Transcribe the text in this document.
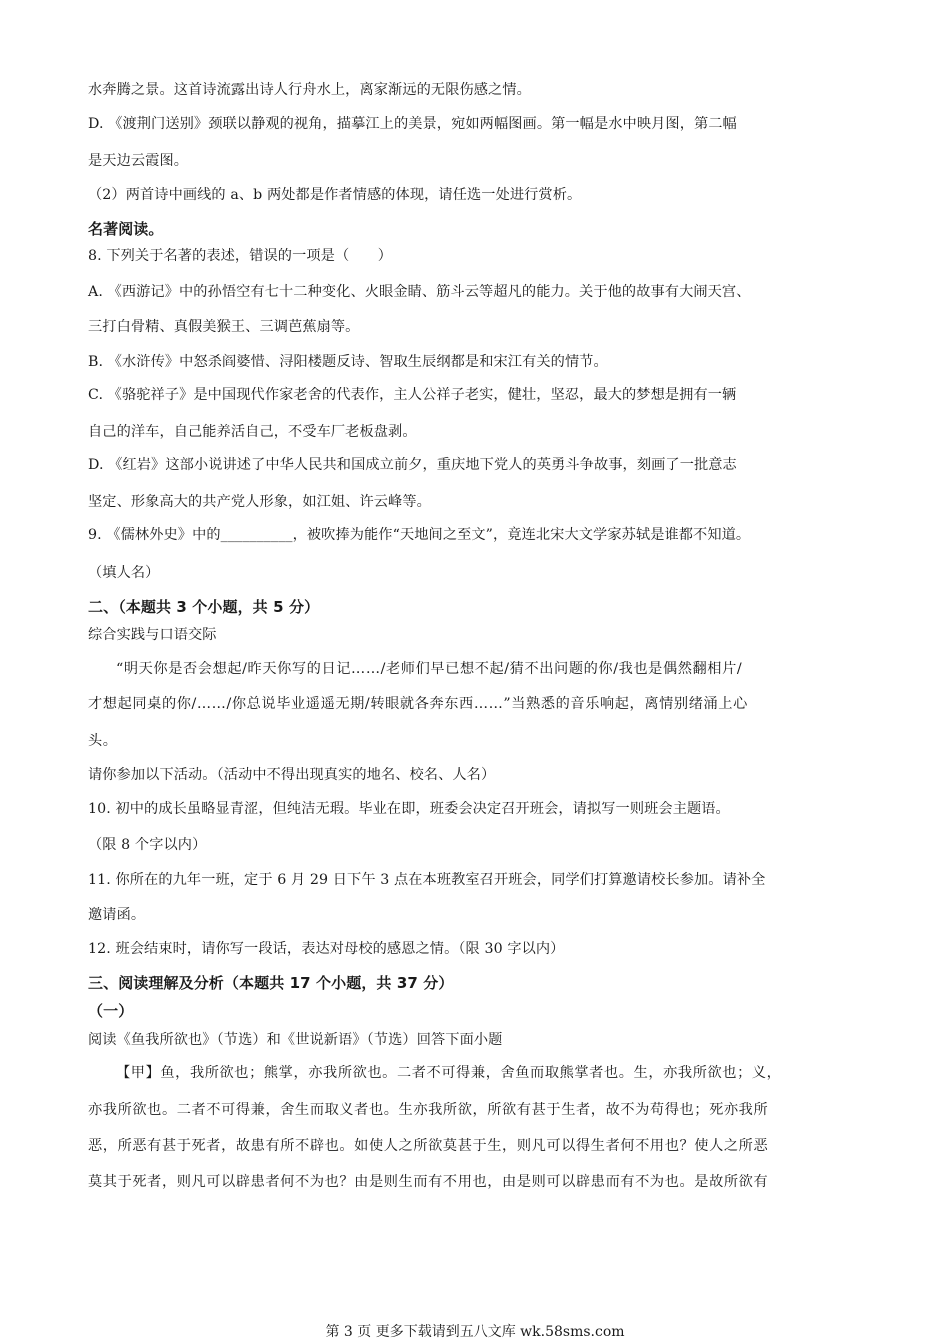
水奔腾之景。这首诗流露出诗人行舟水上，离家渐远的无限伤感之情。
D. 《渡荆门送别》颈联以静观的视角，描摹江上的美景，宛如两幅图画。第一幅是水中映月图，第二幅
是天边云霞图。
（2）两首诗中画线的 a、b 两处都是作者情感的体现，请任选一处进行赏析。
名著阅读。
8. 下列关于名著的表述，错误的一项是（　　）
A. 《西游记》中的孙悟空有七十二种变化、火眼金睛、筋斗云等超凡的能力。关于他的故事有大闹天宫、
三打白骨精、真假美猴王、三调芭蕉扇等。
B. 《水浒传》中怒杀阎婆惜、浔阳楼题反诗、智取生辰纲都是和宋江有关的情节。
C. 《骆驼祥子》是中国现代作家老舍的代表作，主人公祥子老实，健壮，坚忍，最大的梦想是拥有一辆
自己的洋车，自己能养活自己，不受车厂老板盘剥。
D. 《红岩》这部小说讲述了中华人民共和国成立前夕，重庆地下党人的英勇斗争故事，刻画了一批意志
坚定、形象高大的共产党人形象，如江姐、许云峰等。
9. 《儒林外史》中的__________，被吹捧为能作“天地间之至文”，竟连北宋大文学家苏轼是谁都不知道。
（填人名）
二、（本题共 3 个小题，共 5 分）
综合实践与口语交际
“明天你是否会想起/昨天你写的日记……/老师们早已想不起/猜不出问题的你/我也是偶然翻相片/
才想起同桌的你/……/你总说毕业遥遥无期/转眼就各奔东西……”当熟悉的音乐响起，离情别绪涌上心
头。
请你参加以下活动。（活动中不得出现真实的地名、校名、人名）
10. 初中的成长虽略显青涩，但纯洁无瑕。毕业在即，班委会决定召开班会，请拟写一则班会主题语。
（限 8 个字以内）
11. 你所在的九年一班，定于 6 月 29 日下午 3 点在本班教室召开班会，同学们打算邀请校长参加。请补全
邀请函。
12. 班会结束时，请你写一段话，表达对母校的感恩之情。（限 30 字以内）
三、阅读理解及分析（本题共 17 个小题，共 37 分）
（一）
阅读《鱼我所欲也》（节选）和《世说新语》（节选）回答下面小题
【甲】鱼，我所欲也；熊掌，亦我所欲也。二者不可得兼，舍鱼而取熊掌者也。生，亦我所欲也；义，
亦我所欲也。二者不可得兼，舍生而取义者也。生亦我所欲，所欲有甚于生者，故不为苟得也；死亦我所
恶，所恶有甚于死者，故患有所不辟也。如使人之所欲莫甚于生，则凡可以得生者何不用也？使人之所恶
莫其于死者，则凡可以辟患者何不为也？由是则生而有不用也，由是则可以辟患而有不为也。是故所欲有
第 3 页 更多下载请到五八文库 wk.58sms.com
